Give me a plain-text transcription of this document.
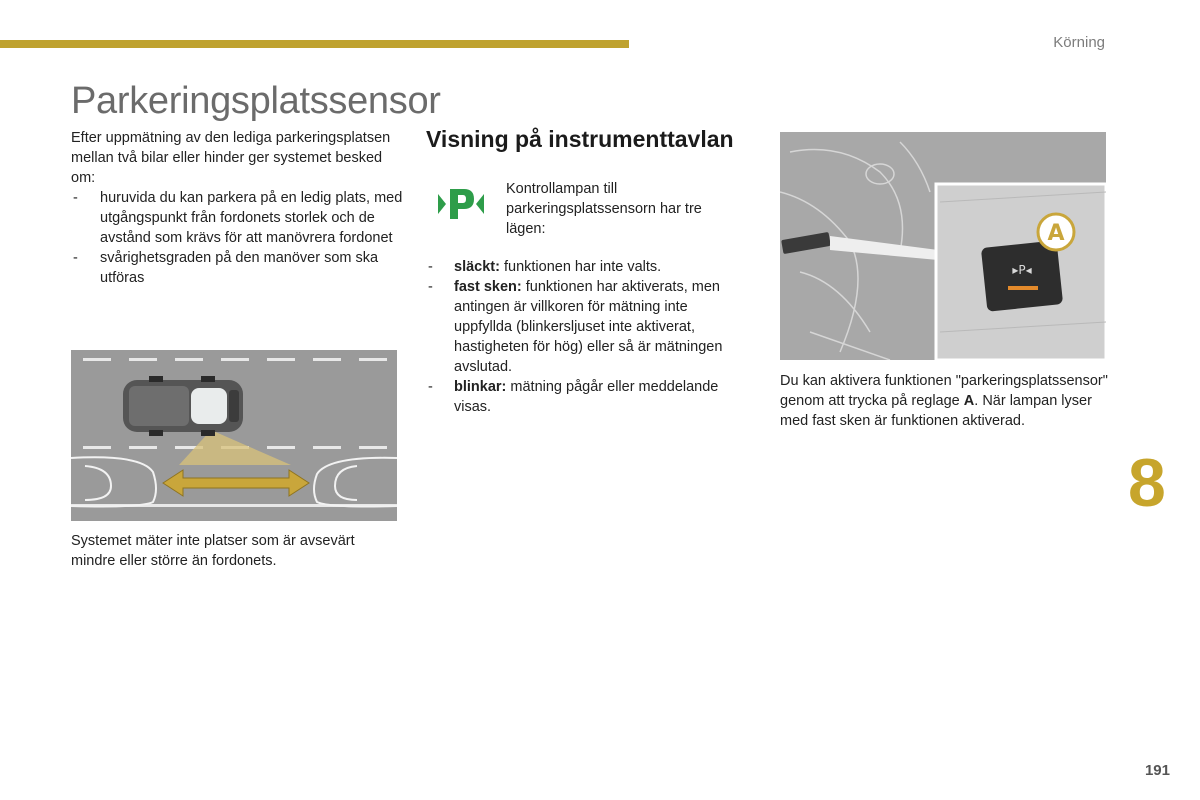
Körning
Parkeringsplatssensor
Efter uppmätning av den lediga parkeringsplatsen mellan två bilar eller hinder ger systemet besked om:
- huruvida du kan parkera på en ledig plats, med utgångspunkt från fordonets storlek och de avstånd som krävs för att manövrera fordonet
- svårighetsgraden på den manöver som ska utföras
Systemet mäter inte platser som är avsevärt mindre eller större än fordonets.
Visning på instrumenttavlan
Kontrollampan till parkeringsplatssensorn har tre lägen:
- släckt: funktionen har inte valts.
- fast sken: funktionen har aktiverats, men antingen är villkoren för mätning inte uppfyllda (blinkersljuset inte aktiverat, hastigheten för hög) eller så är mätningen avslutad.
- blinkar: mätning pågår eller meddelande visas.
▸P◂
A
Du kan aktivera funktionen "parkeringsplatssensor" genom att trycka på reglage A. När lampan lyser med fast sken är funktionen aktiverad.
8
191
